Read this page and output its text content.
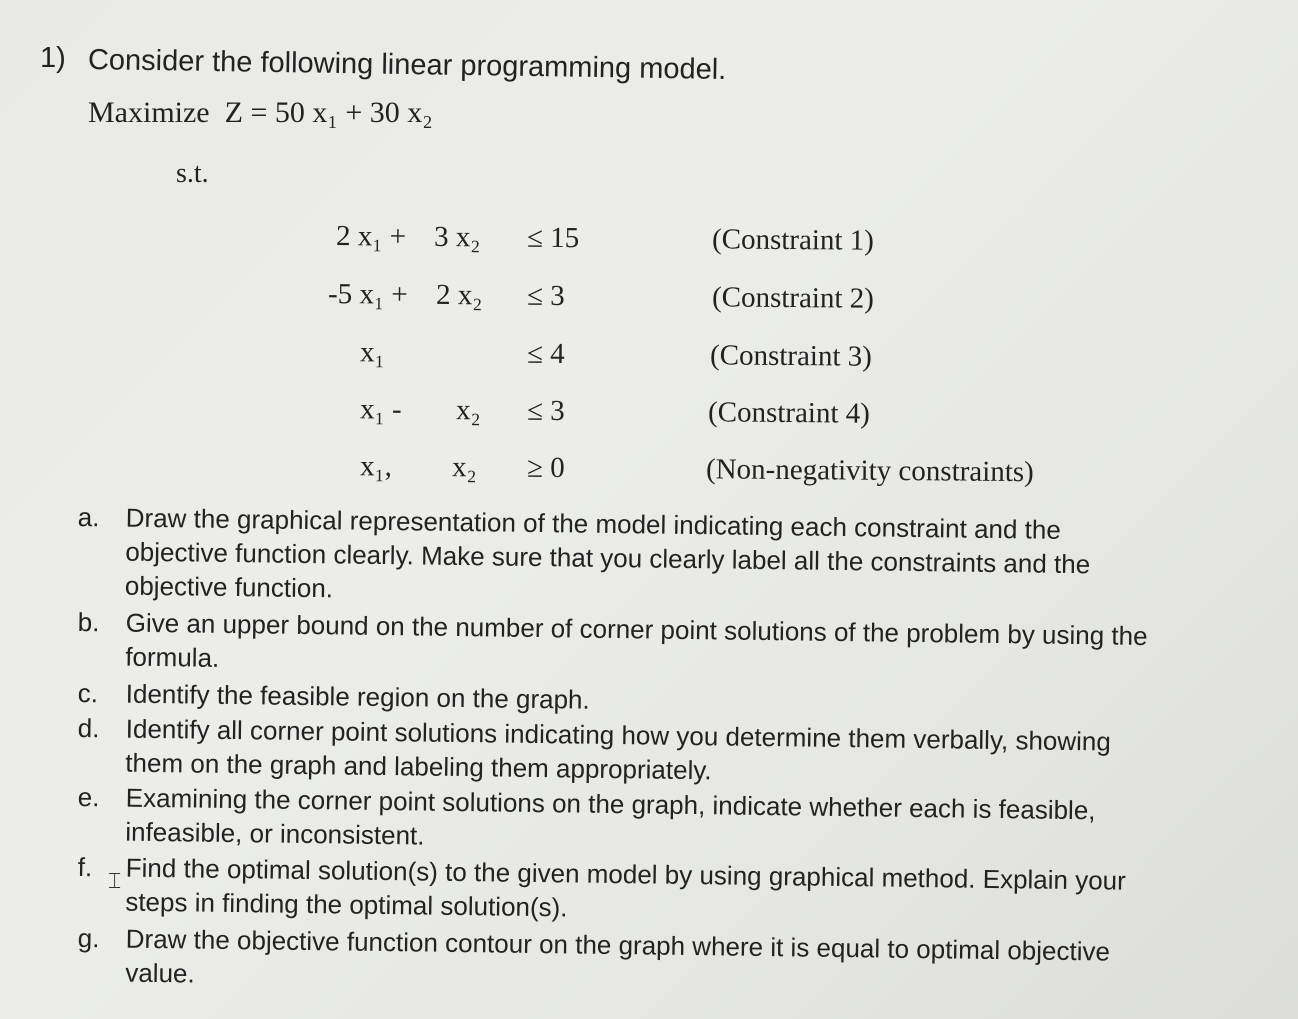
1) Consider the following linear programming model.
Maximize Z = 50 x₁ + 30 x₂
s.t.
2 x₁ + 3 x₂ ≤ 15	(Constraint 1)
-5 x₁ + 2 x₂ ≤ 3	(Constraint 2)
x₁	≤ 4	(Constraint 3)
x₁ - x₂ ≤ 3	(Constraint 4)
x₁, x₂ ≥ 0	(Non-negativity constraints)
a. Draw the graphical representation of the model indicating each constraint and the
objective function clearly. Make sure that you clearly label all the constraints and the
objective function.
b. Give an upper bound on the number of corner point solutions of the problem by using the
formula.
c. Identify the feasible region on the graph.
d. Identify all corner point solutions indicating how you determine them verbally, showing
them on the graph and labeling them appropriately.
e. Examining the corner point solutions on the graph, indicate whether each is feasible,
infeasible, or inconsistent.
f. Find the optimal solution(s) to the given model by using graphical method. Explain your
steps in finding the optimal solution(s).
⌶
g. Draw the objective function contour on the graph where it is equal to optimal objective
value.
